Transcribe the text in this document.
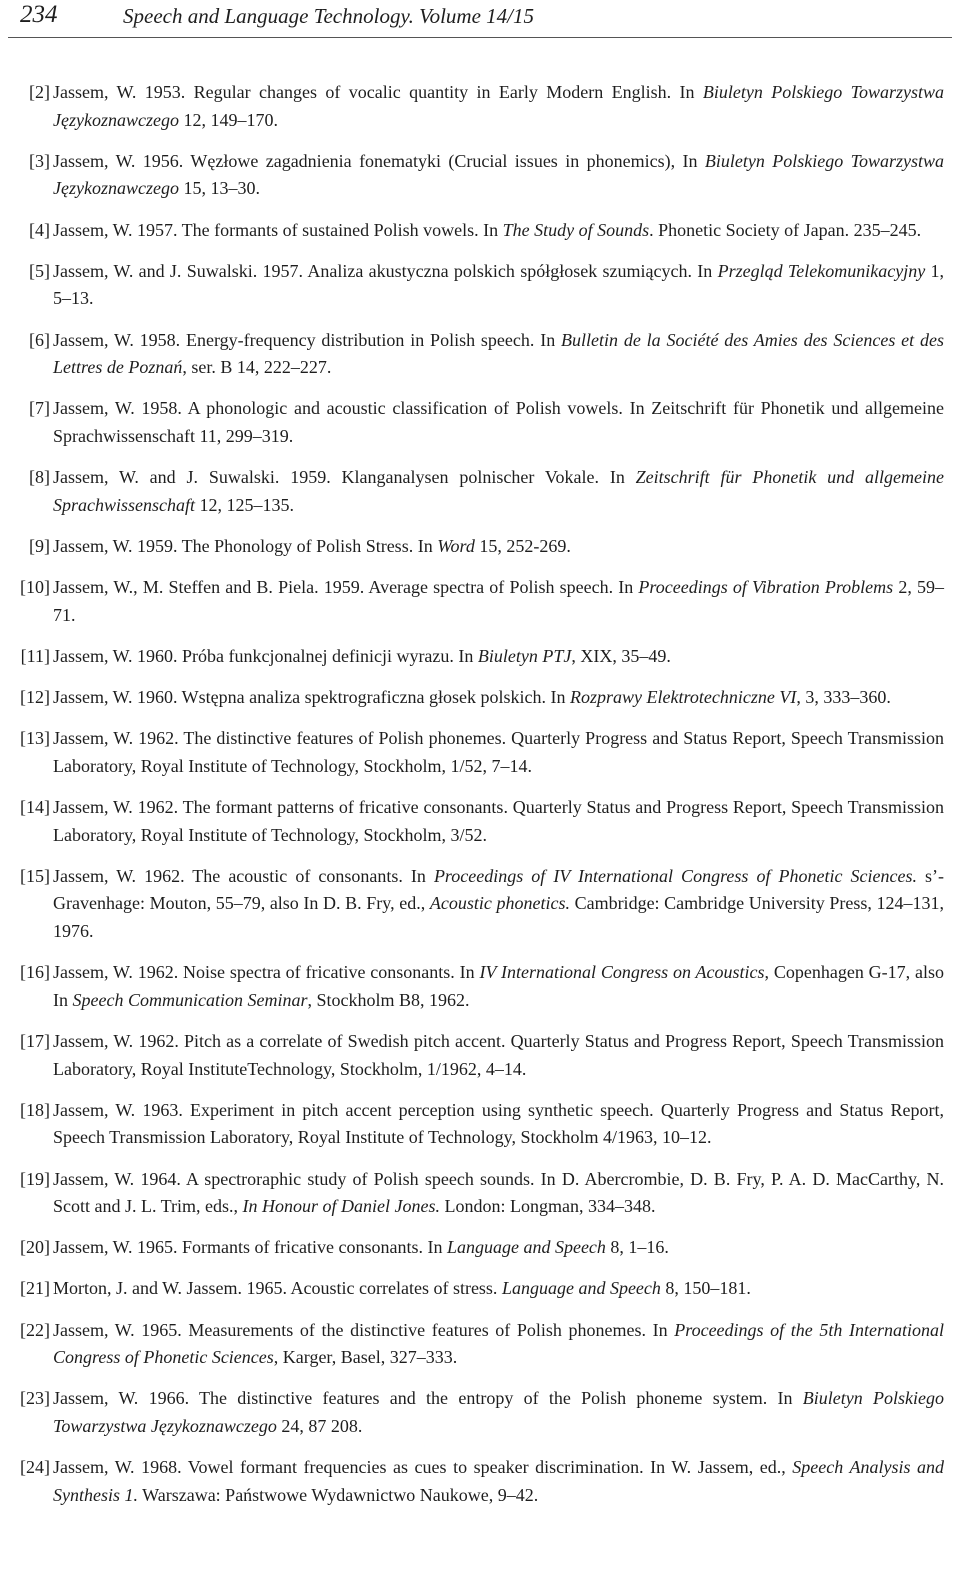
234	Speech and Language Technology. Volume 14/15
[2] Jassem, W. 1953. Regular changes of vocalic quantity in Early Modern English. In Biuletyn Polskiego Towarzystwa Językoznawczego 12, 149–170.
[3] Jassem, W. 1956. Węzłowe zagadnienia fonematyki (Crucial issues in phonemics), In Biuletyn Polskiego Towarzystwa Językoznawczego 15, 13–30.
[4] Jassem, W. 1957. The formants of sustained Polish vowels. In The Study of Sounds. Phonetic Society of Japan. 235–245.
[5] Jassem, W. and J. Suwalski. 1957. Analiza akustyczna polskich spółgłosek szumiących. In Przegląd Telekomunikacyjny 1, 5–13.
[6] Jassem, W. 1958. Energy-frequency distribution in Polish speech. In Bulletin de la Société des Amies des Sciences et des Lettres de Poznań, ser. B 14, 222–227.
[7] Jassem, W. 1958. A phonologic and acoustic classification of Polish vowels. In Zeitschrift für Phonetik und allgemeine Sprachwissenschaft 11, 299–319.
[8] Jassem, W. and J. Suwalski. 1959. Klanganalysen polnischer Vokale. In Zeitschrift für Phonetik und allgemeine Sprachwissenschaft 12, 125–135.
[9] Jassem, W. 1959. The Phonology of Polish Stress. In Word 15, 252-269.
[10] Jassem, W., M. Steffen and B. Piela. 1959. Average spectra of Polish speech. In Proceedings of Vibration Problems 2, 59–71.
[11] Jassem, W. 1960. Próba funkcjonalnej definicji wyrazu. In Biuletyn PTJ, XIX, 35–49.
[12] Jassem, W. 1960. Wstępna analiza spektrograficzna głosek polskich. In Rozprawy Elektrotechniczne VI, 3, 333–360.
[13] Jassem, W. 1962. The distinctive features of Polish phonemes. Quarterly Progress and Status Report, Speech Transmission Laboratory, Royal Institute of Technology, Stockholm, 1/52, 7–14.
[14] Jassem, W. 1962. The formant patterns of fricative consonants. Quarterly Status and Progress Report, Speech Transmission Laboratory, Royal Institute of Technology, Stockholm, 3/52.
[15] Jassem, W. 1962. The acoustic of consonants. In Proceedings of IV International Congress of Phonetic Sciences. s’-Gravenhage: Mouton, 55–79, also In D. B. Fry, ed., Acoustic phonetics. Cambridge: Cambridge University Press, 124–131, 1976.
[16] Jassem, W. 1962. Noise spectra of fricative consonants. In IV International Congress on Acoustics, Copenhagen G-17, also In Speech Communication Seminar, Stockholm B8, 1962.
[17] Jassem, W. 1962. Pitch as a correlate of Swedish pitch accent. Quarterly Status and Progress Report, Speech Transmission Laboratory, Royal InstituteTechnology, Stockholm, 1/1962, 4–14.
[18] Jassem, W. 1963. Experiment in pitch accent perception using synthetic speech. Quarterly Progress and Status Report, Speech Transmission Laboratory, Royal Institute of Technology, Stockholm 4/1963, 10–12.
[19] Jassem, W. 1964. A spectroraphic study of Polish speech sounds. In D. Abercrombie, D. B. Fry, P. A. D. MacCarthy, N. Scott and J. L. Trim, eds., In Honour of Daniel Jones. London: Longman, 334–348.
[20] Jassem, W. 1965. Formants of fricative consonants. In Language and Speech 8, 1–16.
[21] Morton, J. and W. Jassem. 1965. Acoustic correlates of stress. Language and Speech 8, 150–181.
[22] Jassem, W. 1965. Measurements of the distinctive features of Polish phonemes. In Proceedings of the 5th International Congress of Phonetic Sciences, Karger, Basel, 327–333.
[23] Jassem, W. 1966. The distinctive features and the entropy of the Polish phoneme system. In Biuletyn Polskiego Towarzystwa Językoznawczego 24, 87 208.
[24] Jassem, W. 1968. Vowel formant frequencies as cues to speaker discrimination. In W. Jassem, ed., Speech Analysis and Synthesis 1. Warszawa: Państwowe Wydawnictwo Naukowe, 9–42.
